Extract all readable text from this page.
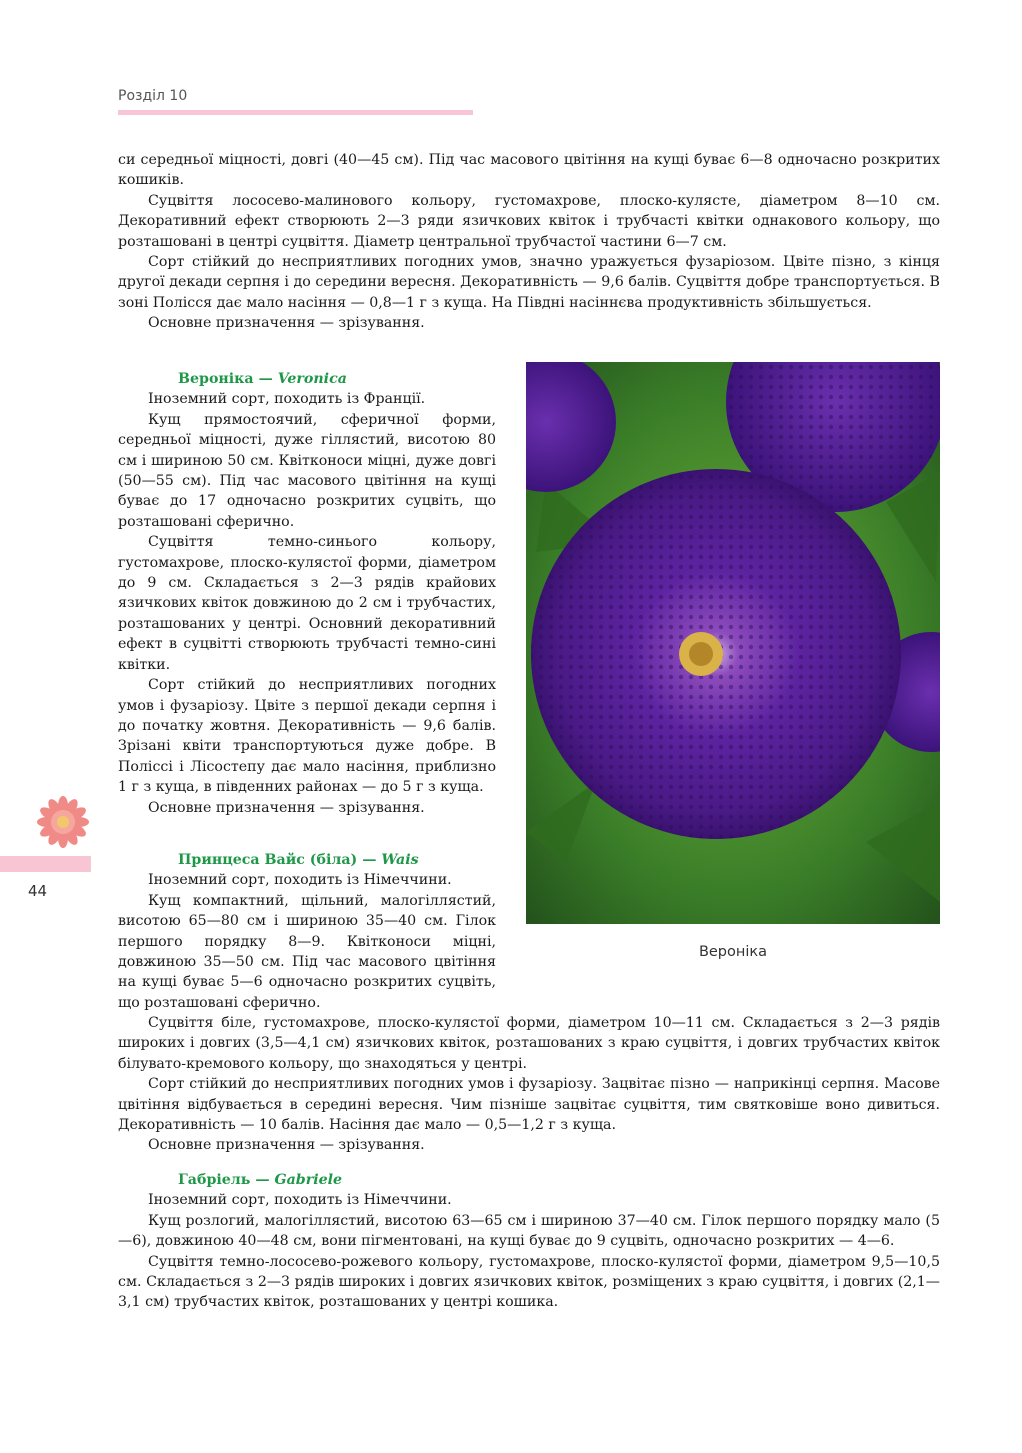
Розділ 10
44

си середньої міцності, довгі (40—45 см). Під час масового цвітіння на кущі буває 6—8 одночасно розкритих кошиків.

Суцвіття лососево-малинового кольору, густомахрове, плоско-кулясте, діаметром 8—10 см. Декоративний ефект створюють 2—3 ряди язичкових квіток і трубчасті квітки однакового кольору, що розташовані в центрі суцвіття. Діаметр центральної трубчастої частини 6—7 см.

Сорт стійкий до несприятливих погодних умов, значно уражується фузаріозом. Цвіте пізно, з кінця другої декади серпня і до середини вересня. Декоративність — 9,6 балів. Суцвіття добре транспортується. В зоні Полісся дає мало насіння — 0,8—1 г з куща. На Півдні насіннєва продуктивність збільшується.

Основне призначення — зрізування.

Вероніка — Veronica

Іноземний сорт, походить із Франції.

Кущ прямостоячий, сферичної форми, середньої міцності, дуже гіллястий, висотою 80 см і шириною 50 см. Квітконоси міцні, дуже довгі (50—55 см). Під час масового цвітіння на кущі буває до 17 одночасно розкритих суцвіть, що розташовані сферично.

Суцвіття темно-синього кольору, густомахрове, плоско-кулястої форми, діаметром до 9 см. Складається з 2—3 рядів крайових язичкових квіток довжиною до 2 см і трубчастих, розташованих у центрі. Основний декоративний ефект в суцвітті створюють трубчасті темно-сині квітки.

Сорт стійкий до несприятливих погодних умов і фузаріозу. Цвіте з першої декади серпня і до початку жовтня. Декоративність — 9,6 балів. Зрізані квіти транспортуються дуже добре. В Поліссі і Лісостепу дає мало насіння, приблизно 1 г з куща, в південних районах — до 5 г з куща.

Основне призначення — зрізування.

Принцеса Вайс (біла) — Wais

Іноземний сорт, походить із Німеччини.

Кущ компактний, щільний, малогіллястий, висотою 65—80 см і шириною 35—40 см. Гілок першого порядку 8—9. Квітконоси міцні, довжиною 35—50 см. Під час масового цвітіння на кущі буває 5—6 одночасно розкритих суцвіть, що розташовані сферично.

Суцвіття біле, густомахрове, плоско-кулястої форми, діаметром 10—11 см. Складається з 2—3 рядів широких і довгих (3,5—4,1 см) язичкових квіток, розташованих з краю суцвіття, і довгих трубчастих квіток білувато-кремового кольору, що знаходяться у центрі.

Сорт стійкий до несприятливих погодних умов і фузаріозу. Зацвітає пізно — наприкінці серпня. Масове цвітіння відбувається в середині вересня. Чим пізніше зацвітає суцвіття, тим святковіше воно дивиться. Декоративність — 10 балів. Насіння дає мало — 0,5—1,2 г з куща.

Основне призначення — зрізування.

Габріель — Gabriele

Іноземний сорт, походить із Німеччини.

Кущ розлогий, малогіллястий, висотою 63—65 см і шириною 37—40 см. Гілок першого порядку мало (5—6), довжиною 40—48 см, вони пігментовані, на кущі буває до 9 суцвіть, одночасно розкритих — 4—6.

Суцвіття темно-лососево-рожевого кольору, густомахрове, плоско-кулястої форми, діаметром 9,5—10,5 см. Складається з 2—3 рядів широких і довгих язичкових квіток, розміщених з краю суцвіття, і довгих (2,1—3,1 см) трубчастих квіток, розташованих у центрі кошика.

Вероніка
